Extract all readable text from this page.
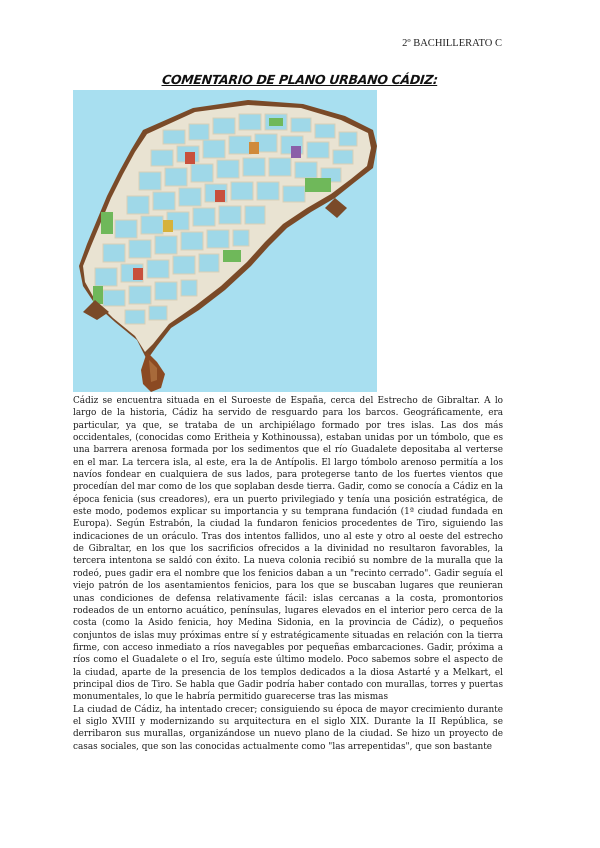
2º BACHILLERATO C
COMENTARIO DE PLANO URBANO CÁDIZ:

Cádiz se encuentra situada en el Suroeste de España, cerca del Estrecho de Gibraltar. A lo largo de la historia, Cádiz ha servido de resguardo para los barcos. Geográficamente, era particular, ya que, se trataba de un archipiélago formado por tres islas. Las dos más occidentales, (conocidas como Eritheia y Kothinoussa), estaban unidas por un tómbolo, que es una barrera arenosa formada por los sedimentos que el río Guadalete depositaba al verterse en el mar. La tercera isla, al este, era la de Antípolis. El largo tómbolo arenoso permitía a los navíos fondear en cualquiera de sus lados, para protegerse tanto de los fuertes vientos que procedían del mar como de los que soplaban desde tierra. Gadir, como se conocía a Cádiz en la época fenicia (sus creadores), era un puerto privilegiado y tenía una posición estratégica, de este modo, podemos explicar su importancia y su temprana fundación (1ª ciudad fundada en Europa). Según Estrabón, la ciudad la fundaron fenicios procedentes de Tiro, siguiendo las indicaciones de un oráculo. Tras dos intentos fallidos, uno al este y otro al oeste del estrecho de Gibraltar, en los que los sacrificios ofrecidos a la divinidad no resultaron favorables, la tercera intentona se saldó con éxito. La nueva colonia recibió su nombre de la muralla que la rodeó, pues gadir era el nombre que los fenicios daban a un "recinto cerrado". Gadir seguía el viejo patrón de los asentamientos fenicios, para los que se buscaban lugares que reunieran unas condiciones de defensa relativamente fácil: islas cercanas a la costa, promontorios rodeados de un entorno acuático, penínsulas, lugares elevados en el interior pero cerca de la costa (como la Asido fenicia, hoy Medina Sidonia, en la provincia de Cádiz), o pequeños conjuntos de islas muy próximas entre sí y estratégicamente situadas en relación con la tierra firme, con acceso inmediato a ríos navegables por pequeñas embarcaciones. Gadir, próxima a ríos como el Guadalete o el Iro, seguía este último modelo. Poco sabemos sobre el aspecto de la ciudad, aparte de la presencia de los templos dedicados a la diosa Astarté y a Melkart, el principal dios de Tiro. Se habla que Gadir podría haber contado con murallas, torres y puertas monumentales, lo que le habría permitido guarecerse tras las mismas

La ciudad de Cádiz, ha intentado crecer; consiguiendo su época de mayor crecimiento durante el siglo XVIII y modernizando su arquitectura en el siglo XIX. Durante la II República, se derribaron sus murallas, organizándose un nuevo plano de la ciudad. Se hizo un proyecto de casas sociales, que son las conocidas actualmente como "las arrepentidas", que son bastante
